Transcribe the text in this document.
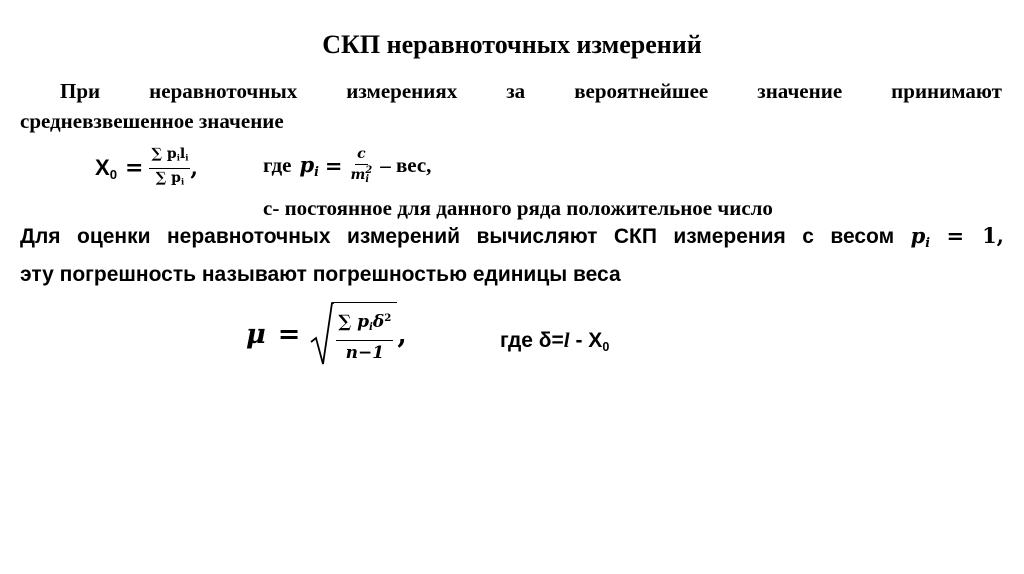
СКП неравноточных измерений
При неравноточных измерениях за вероятнейшее значение принимают
средневзвешенное значение
$X_0 = \frac{\sum p_il_i}{\sum p_i}$ ,	где $p_i = c$
m 2
i – вес,
с- постоянное для данного ряда положительное число
Для оценки неравноточных измерений вычисляют СКП измерения с весом $p_i = 1$,
эту погрешность называют погрешностью единицы веса
$\mu = \frac{\sum p_i\delta^2}{n-1}$ ,	где $\delta=l - X_0$
